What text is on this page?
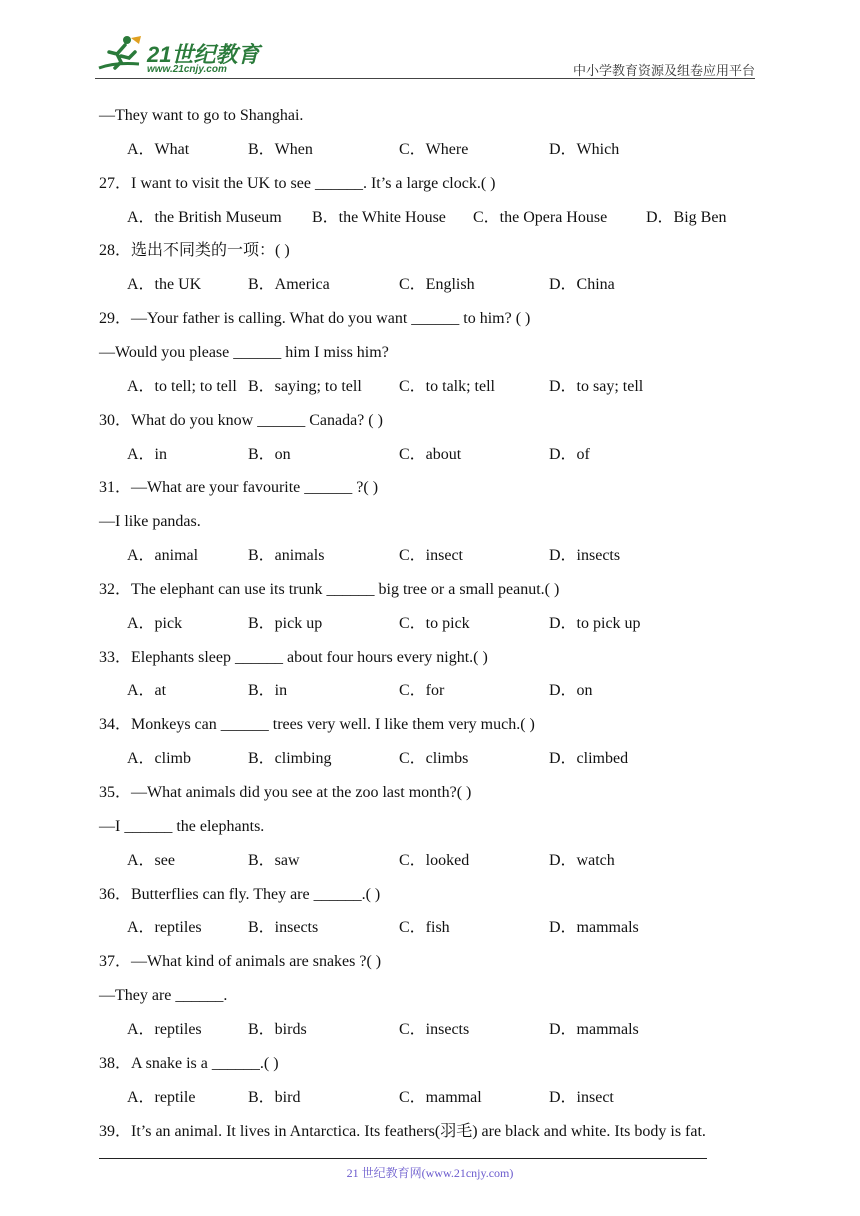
21世纪教育
www.21cnjy.com	中小学教育资源及组卷应用平台
—They want to go to Shanghai.
A．What	B．When	C．Where	D．Which
27．I want to visit the UK to see ______. It’s a large clock.( )
A．the British Museum B．the White House C．the Opera House D．Big Ben
28．选出不同类的一项：( )
A．the UK	B．America	C．English	D．China
29．—Your father is calling. What do you want ______ to him? ( )
—Would you please ______ him I miss him?
A．to tell; to tell B．saying; to tell C．to talk; tell	D．to say; tell
30．What do you know ______ Canada? ( )
A．in	B．on	C．about	D．of
31．—What are your favourite ______ ?( )
—I like pandas.
A．animal	B．animals	C．insect	D．insects
32．The elephant can use its trunk ______ big tree or a small peanut.( )
A．pick	B．pick up	C．to pick	D．to pick up
33．Elephants sleep ______ about four hours every night.( )
A．at	B．in	C．for	D．on
34．Monkeys can ______ trees very well. I like them very much.( )
A．climb	B．climbing	C．climbs	D．climbed
35．—What animals did you see at the zoo last month?( )
—I ______ the elephants.
A．see	B．saw	C．looked	D．watch
36．Butterflies can fly. They are ______.( )
A．reptiles	B．insects	C．fish	D．mammals
37．—What kind of animals are snakes ?( )
—They are ______.
A．reptiles	B．birds	C．insects	D．mammals
38．A snake is a ______.( )
A．reptile	B．bird	C．mammal	D．insect
39．It’s an animal. It lives in Antarctica. Its feathers(羽毛) are black and white. Its body is fat.
21 世纪教育网(www.21cnjy.com)
